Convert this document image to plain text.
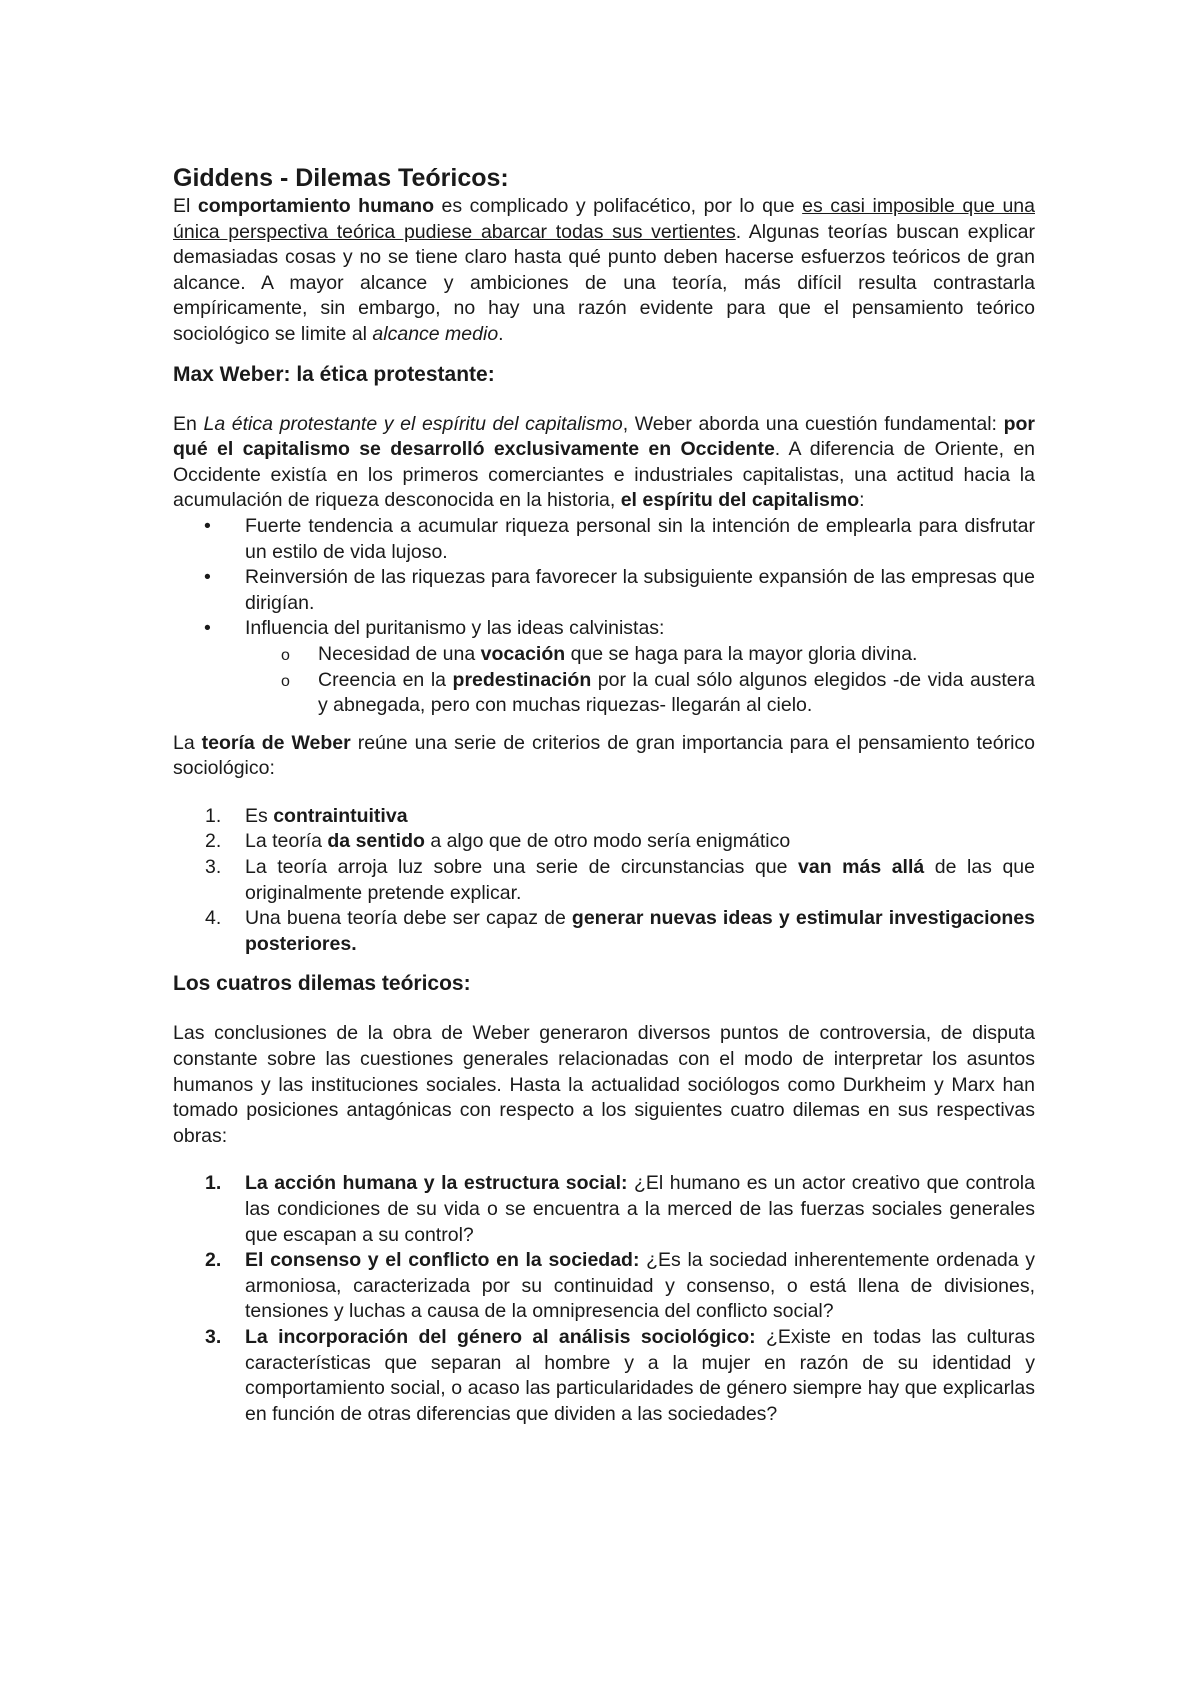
Giddens - Dilemas Teóricos:

El comportamiento humano es complicado y polifacético, por lo que es casi imposible que una única perspectiva teórica pudiese abarcar todas sus vertientes. Algunas teorías buscan explicar demasiadas cosas y no se tiene claro hasta qué punto deben hacerse esfuerzos teóricos de gran alcance. A mayor alcance y ambiciones de una teoría, más difícil resulta contrastarla empíricamente, sin embargo, no hay una razón evidente para que el pensamiento teórico sociológico se limite al alcance medio.

Max Weber: la ética protestante:

En La ética protestante y el espíritu del capitalismo, Weber aborda una cuestión fundamental: por qué el capitalismo se desarrolló exclusivamente en Occidente. A diferencia de Oriente, en Occidente existía en los primeros comerciantes e industriales capitalistas, una actitud hacia la acumulación de riqueza desconocida en la historia, el espíritu del capitalismo:

• Fuerte tendencia a acumular riqueza personal sin la intención de emplearla para disfrutar un estilo de vida lujoso.
• Reinversión de las riquezas para favorecer la subsiguiente expansión de las empresas que dirigían.
• Influencia del puritanismo y las ideas calvinistas:
o Necesidad de una vocación que se haga para la mayor gloria divina.
o Creencia en la predestinación por la cual sólo algunos elegidos -de vida austera y abnegada, pero con muchas riquezas- llegarán al cielo.

La teoría de Weber reúne una serie de criterios de gran importancia para el pensamiento teórico sociológico:

1. Es contraintuitiva
2. La teoría da sentido a algo que de otro modo sería enigmático
3. La teoría arroja luz sobre una serie de circunstancias que van más allá de las que originalmente pretende explicar.
4. Una buena teoría debe ser capaz de generar nuevas ideas y estimular investigaciones posteriores.
Los cuatros dilemas teóricos:

Las conclusiones de la obra de Weber generaron diversos puntos de controversia, de disputa constante sobre las cuestiones generales relacionadas con el modo de interpretar los asuntos humanos y las instituciones sociales. Hasta la actualidad sociólogos como Durkheim y Marx han tomado posiciones antagónicas con respecto a los siguientes cuatro dilemas en sus respectivas obras:

1. La acción humana y la estructura social: ¿El humano es un actor creativo que controla las condiciones de su vida o se encuentra a la merced de las fuerzas sociales generales que escapan a su control?
2. El consenso y el conflicto en la sociedad: ¿Es la sociedad inherentemente ordenada y armoniosa, caracterizada por su continuidad y consenso, o está llena de divisiones, tensiones y luchas a causa de la omnipresencia del conflicto social?
3. La incorporación del género al análisis sociológico: ¿Existe en todas las culturas características que separan al hombre y a la mujer en razón de su identidad y comportamiento social, o acaso las particularidades de género siempre hay que explicarlas en función de otras diferencias que dividen a las sociedades?
